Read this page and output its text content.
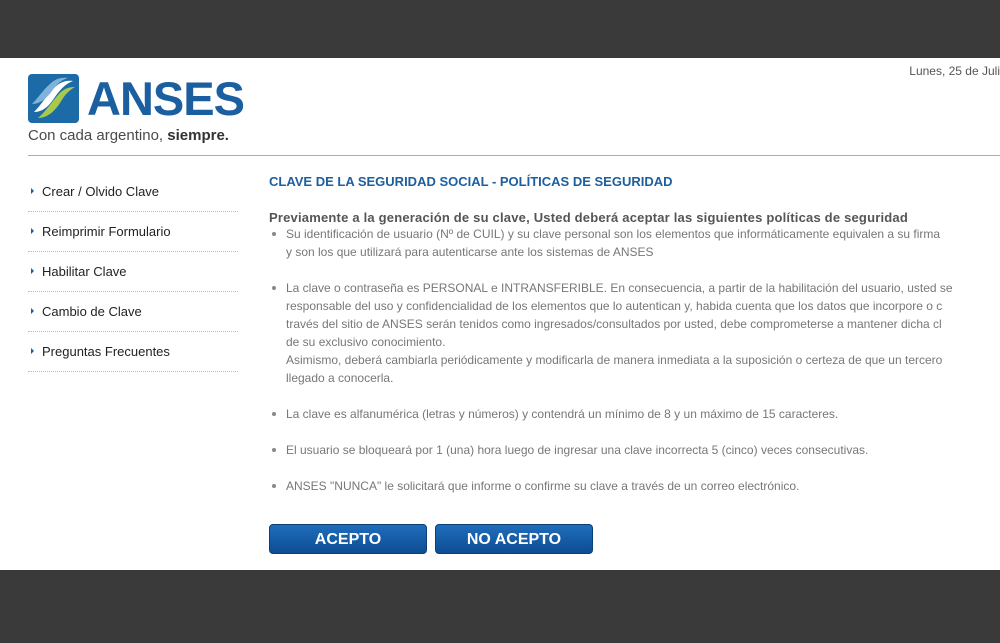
ANSES
Con cada argentino, siempre.
Lunes, 25 de Juli
Crear / Olvido Clave
Reimprimir Formulario
Habilitar Clave
Cambio de Clave
Preguntas Frecuentes
CLAVE DE LA SEGURIDAD SOCIAL - POLÍTICAS DE SEGURIDAD
Previamente a la generación de su clave, Usted deberá aceptar las siguientes políticas de seguridad
Su identificación de usuario (Nº de CUIL) y su clave personal son los elementos que informáticamente equivalen a su firma
y son los que utilizará para autenticarse ante los sistemas de ANSES
La clave o contraseña es PERSONAL e INTRANSFERIBLE. En consecuencia, a partir de la habilitación del usuario, usted se
responsable del uso y confidencialidad de los elementos que lo autentican y, habida cuenta que los datos que incorpore o c
través del sitio de ANSES serán tenidos como ingresados/consultados por usted, debe comprometerse a mantener dicha cl
de su exclusivo conocimiento.
Asimismo, deberá cambiarla periódicamente y modificarla de manera inmediata a la suposición o certeza de que un tercero
llegado a conocerla.
La clave es alfanumérica (letras y números) y contendrá un mínimo de 8 y un máximo de 15 caracteres.
El usuario se bloqueará por 1 (una) hora luego de ingresar una clave incorrecta 5 (cinco) veces consecutivas.
ANSES "NUNCA" le solicitará que informe o confirme su clave a través de un correo electrónico.
ACEPTO	NO ACEPTO
